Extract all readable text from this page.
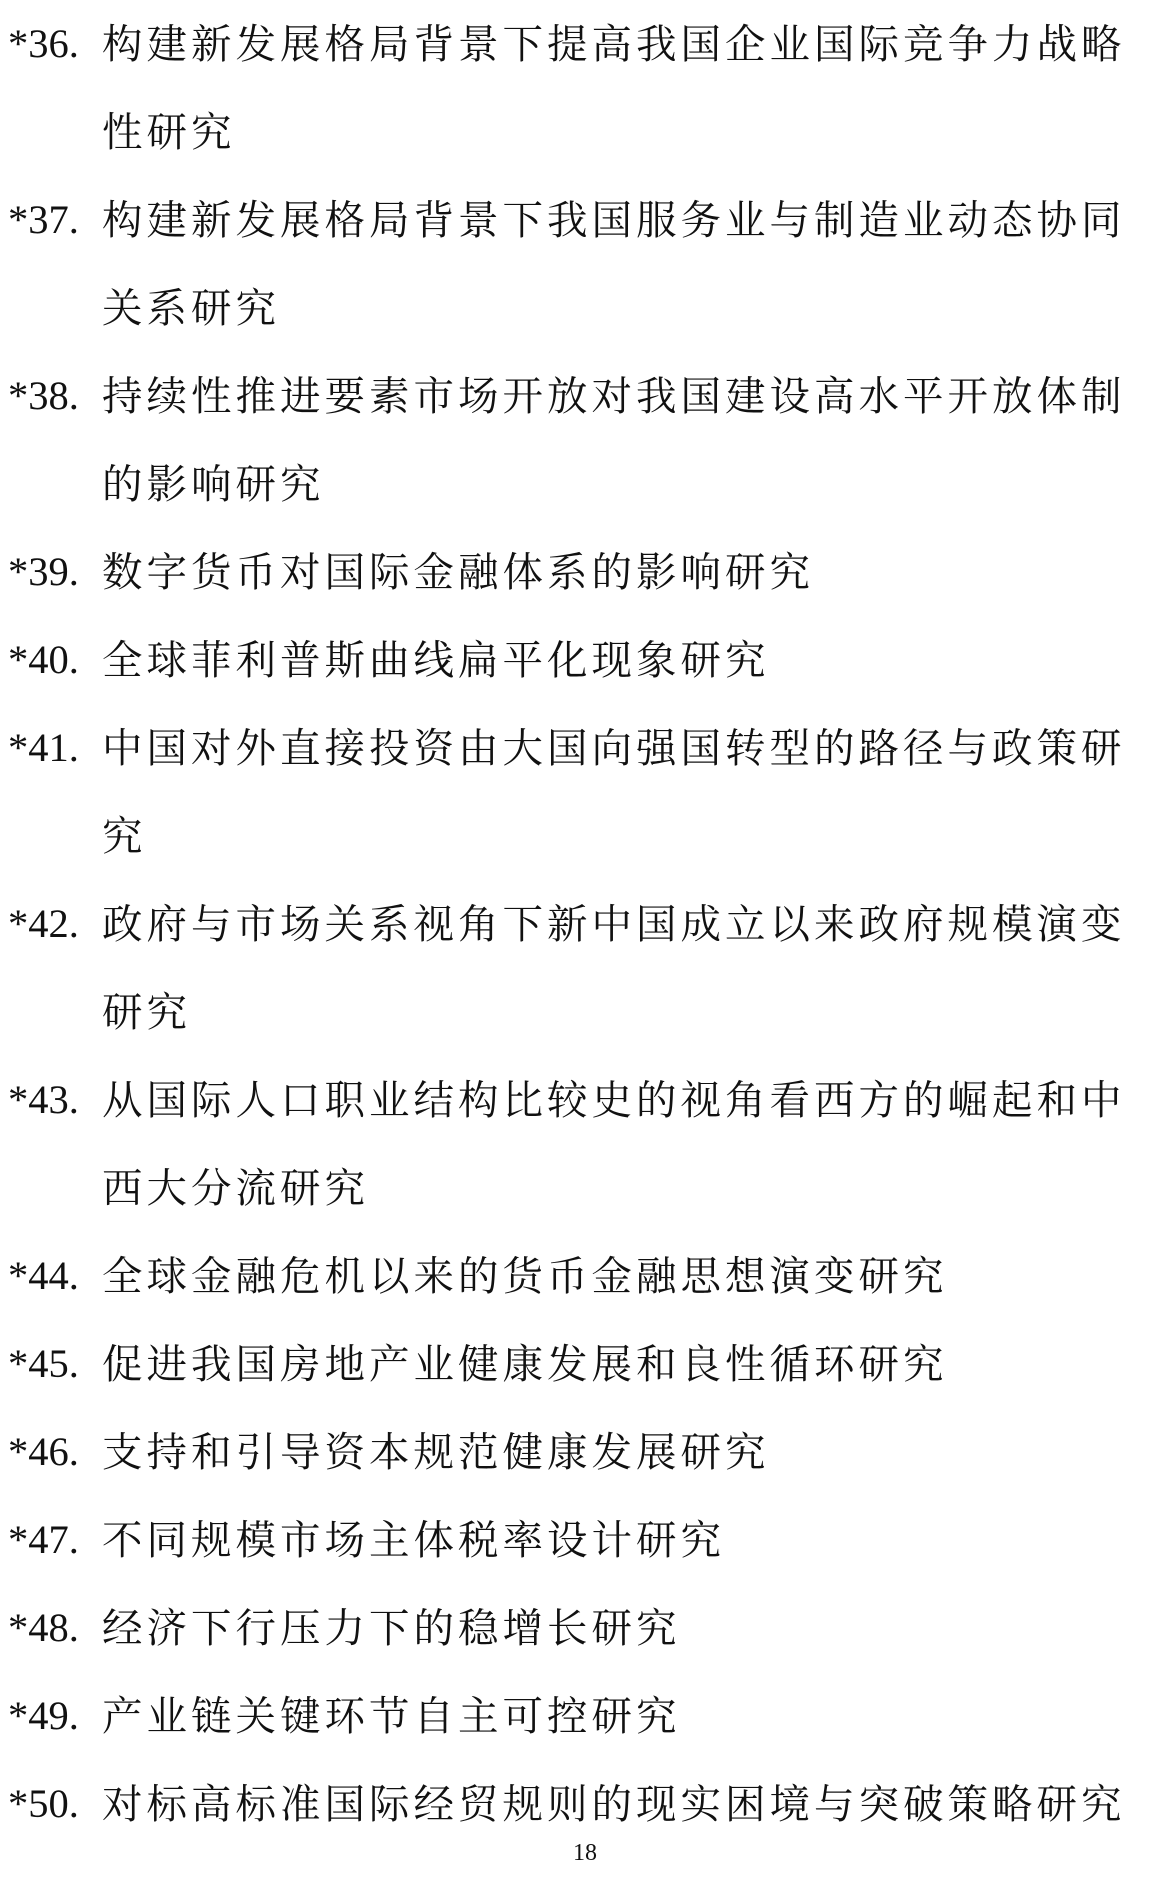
*36. 构建新发展格局背景下提高我国企业国际竞争力战略性研究
*37. 构建新发展格局背景下我国服务业与制造业动态协同关系研究
*38. 持续性推进要素市场开放对我国建设高水平开放体制的影响研究
*39. 数字货币对国际金融体系的影响研究
*40. 全球菲利普斯曲线扁平化现象研究
*41. 中国对外直接投资由大国向强国转型的路径与政策研究
*42. 政府与市场关系视角下新中国成立以来政府规模演变研究
*43. 从国际人口职业结构比较史的视角看西方的崛起和中西大分流研究
*44. 全球金融危机以来的货币金融思想演变研究
*45. 促进我国房地产业健康发展和良性循环研究
*46. 支持和引导资本规范健康发展研究
*47. 不同规模市场主体税率设计研究
*48. 经济下行压力下的稳增长研究
*49. 产业链关键环节自主可控研究
*50. 对标高标准国际经贸规则的现实困境与突破策略研究
18
